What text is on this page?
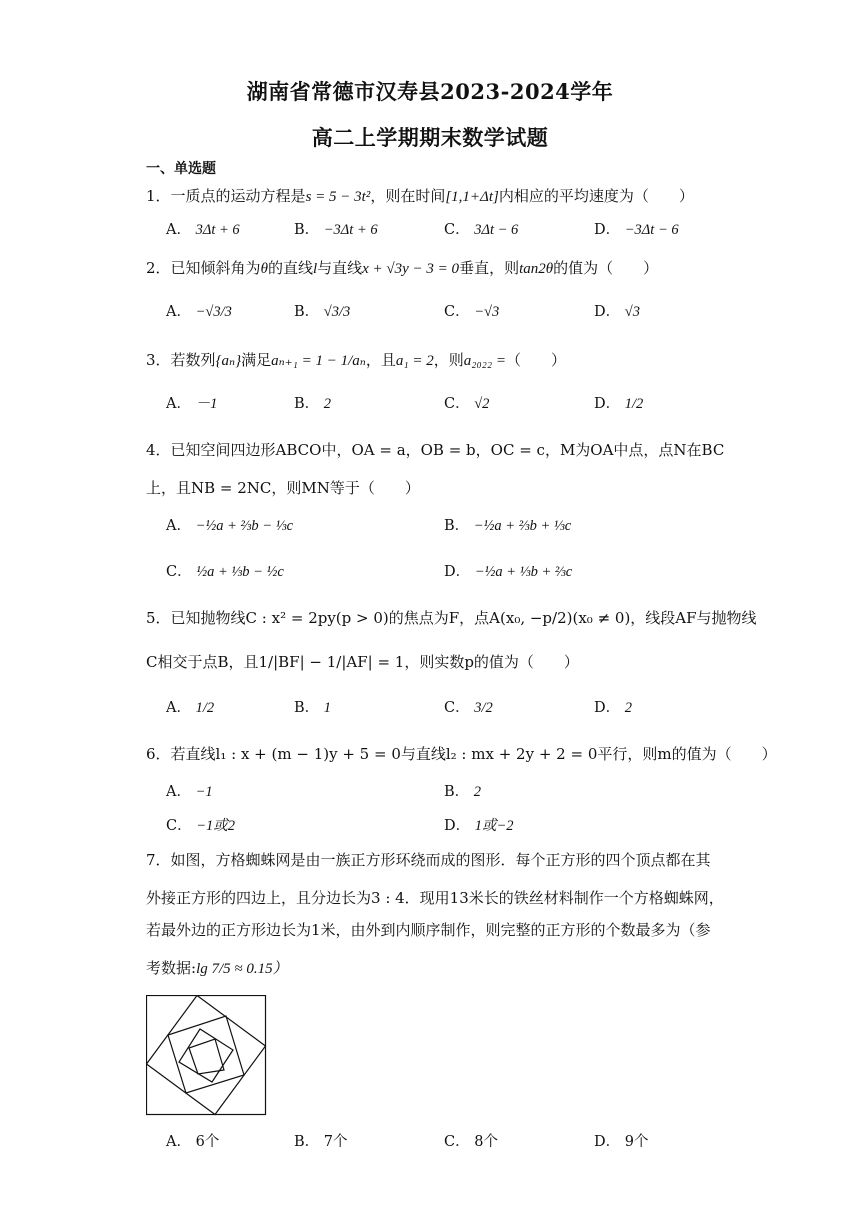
湖南省常德市汉寿县2023-2024学年
高二上学期期末数学试题
一、单选题
1．一质点的运动方程是s = 5 − 3t²，则在时间[1,1+Δt]内相应的平均速度为（　　）
A． 3Δt + 6	B． −3Δt + 6	C． 3Δt − 6	D． −3Δt − 6
2．已知倾斜角为θ的直线l与直线x + √3y − 3 = 0垂直，则tan2θ的值为（　　）
A． −√3/3	B． √3/3	C． −√3	D． √3
3．若数列{aₙ}满足aₙ₊₁ = 1 − 1/aₙ，且a₁ = 2，则a₂₀₂₂ =（　　）
A． －1	B． 2	C． √2	D． 1/2
4．已知空间四边形ABCO中，OA = a，OB = b，OC = c，M为OA中点，点N在BC
上，且NB = 2NC，则MN等于（　　）
A． −½a + ⅔b − ⅓c	B． −½a + ⅔b + ⅓c
C． ½a + ⅓b − ½c	D． −½a + ⅓b + ⅔c
5．已知抛物线C : x² = 2py(p > 0)的焦点为F，点A(x₀, −p/2)(x₀ ≠ 0)，线段AF与抛物线
C相交于点B，且1/|BF| − 1/|AF| = 1，则实数p的值为（　　）
A． 1/2	B． 1	C． 3/2	D． 2
6．若直线l₁ : x + (m − 1)y + 5 = 0与直线l₂ : mx + 2y + 2 = 0平行，则m的值为（　　）
A． −1	B． 2
C． −1或2	D． 1或−2
7．如图，方格蜘蛛网是由一族正方形环绕而成的图形．每个正方形的四个顶点都在其
外接正方形的四边上，且分边长为3 : 4．现用13米长的铁丝材料制作一个方格蜘蛛网，
若最外边的正方形边长为1米，由外到内顺序制作，则完整的正方形的个数最多为（参
考数据:lg 7/5 ≈ 0.15）
A． 6个	B． 7个	C． 8个	D． 9个
